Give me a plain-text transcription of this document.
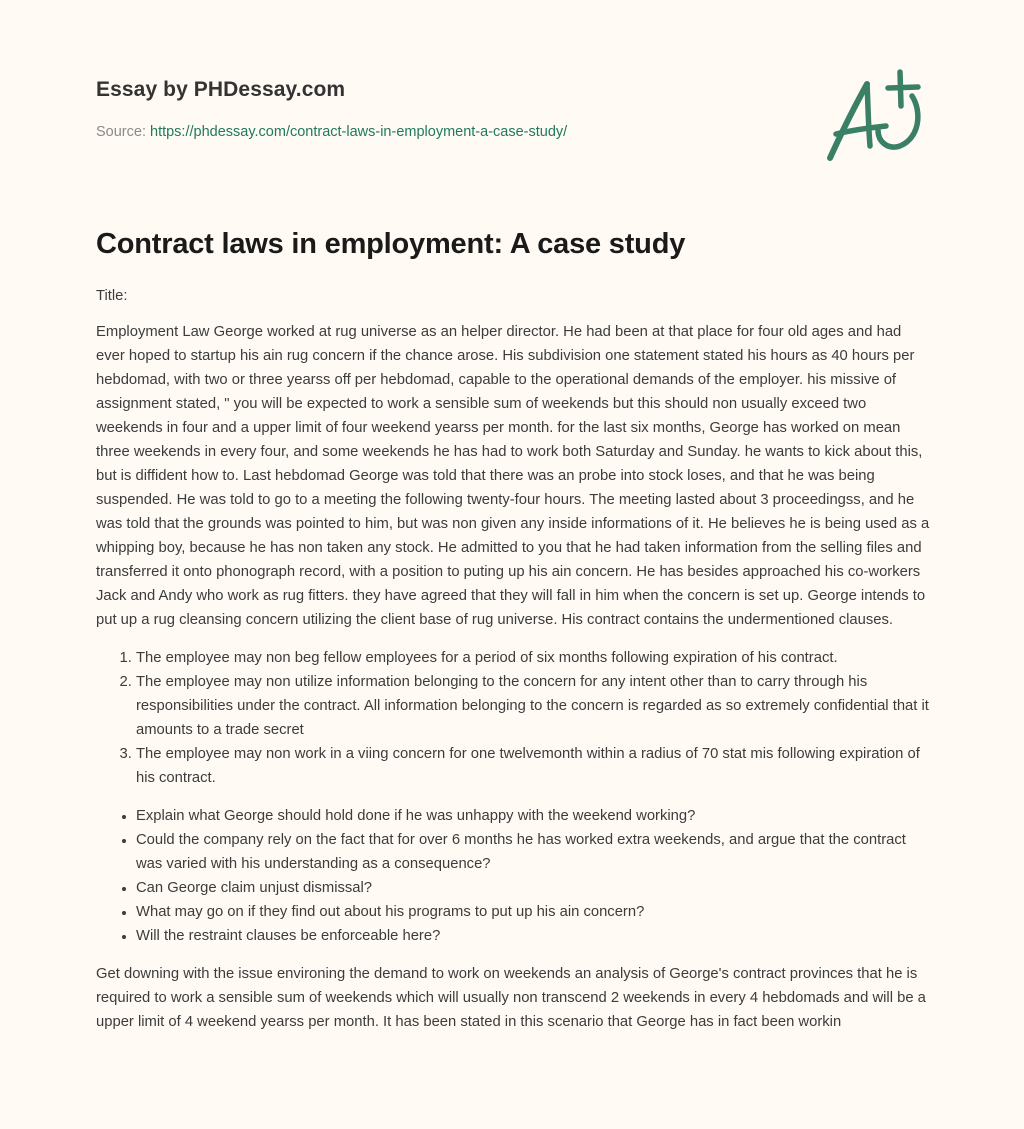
Essay by PHDessay.com
Source: https://phdessay.com/contract-laws-in-employment-a-case-study/
Contract laws in employment: A case study
Title:

Employment Law George worked at rug universe as an helper director. He had been at that place for four old ages and had ever hoped to startup his ain rug concern if the chance arose. His subdivision one statement stated his hours as 40 hours per hebdomad, with two or three yearss off per hebdomad, capable to the operational demands of the employer. his missive of assignment stated, " you will be expected to work a sensible sum of weekends but this should non usually exceed two weekends in four and a upper limit of four weekend yearss per month. for the last six months, George has worked on mean three weekends in every four, and some weekends he has had to work both Saturday and Sunday. he wants to kick about this, but is diffident how to. Last hebdomad George was told that there was an probe into stock loses, and that he was being suspended. He was told to go to a meeting the following twenty-four hours. The meeting lasted about 3 proceedingss, and he was told that the grounds was pointed to him, but was non given any inside informations of it. He believes he is being used as a whipping boy, because he has non taken any stock. He admitted to you that he had taken information from the selling files and transferred it onto phonograph record, with a position to puting up his ain concern. He has besides approached his co-workers Jack and Andy who work as rug fitters. they have agreed that they will fall in him when the concern is set up. George intends to put up a rug cleansing concern utilizing the client base of rug universe. His contract contains the undermentioned clauses.

1. The employee may non beg fellow employees for a period of six months following expiration of his contract.
2. The employee may non utilize information belonging to the concern for any intent other than to carry through his responsibilities under the contract. All information belonging to the concern is regarded as so extremely confidential that it amounts to a trade secret
3. The employee may non work in a viing concern for one twelvemonth within a radius of 70 stat mis following expiration of his contract.
• Explain what George should hold done if he was unhappy with the weekend working?
• Could the company rely on the fact that for over 6 months he has worked extra weekends, and argue that the contract was varied with his understanding as a consequence?
• Can George claim unjust dismissal?
• What may go on if they find out about his programs to put up his ain concern?
• Will the restraint clauses be enforceable here?

Get downing with the issue environing the demand to work on weekends an analysis of George's contract provinces that he is required to work a sensible sum of weekends which will usually non transcend 2 weekends in every 4 hebdomads and will be a upper limit of 4 weekend yearss per month. It has been stated in this scenario that George has in fact been workin
